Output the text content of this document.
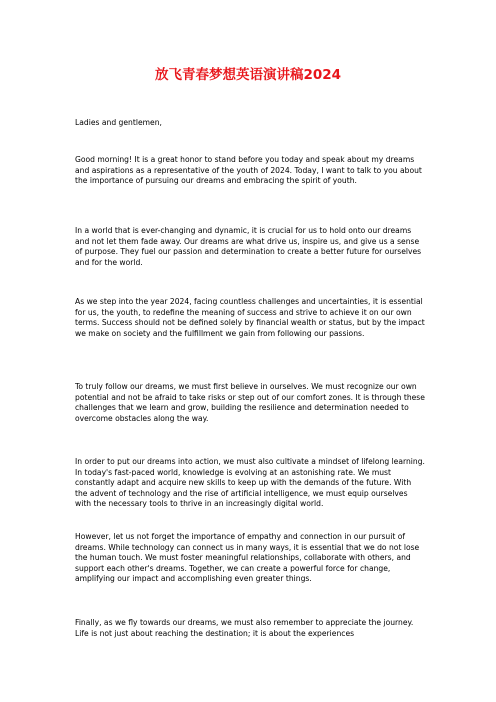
放飞青春梦想英语演讲稿2024

Ladies and gentlemen,

Good morning! It is a great honor to stand before you today and speak about my dreams and aspirations as a representative of the youth of 2024. Today, I want to talk to you about the importance of pursuing our dreams and embracing the spirit of youth.

In a world that is ever-changing and dynamic, it is crucial for us to hold onto our dreams and not let them fade away. Our dreams are what drive us, inspire us, and give us a sense of purpose. They fuel our passion and determination to create a better future for ourselves and for the world.

As we step into the year 2024, facing countless challenges and uncertainties, it is essential for us, the youth, to redefine the meaning of success and strive to achieve it on our own terms. Success should not be defined solely by financial wealth or status, but by the impact we make on society and the fulfillment we gain from following our passions.

To truly follow our dreams, we must first believe in ourselves. We must recognize our own potential and not be afraid to take risks or step out of our comfort zones. It is through these challenges that we learn and grow, building the resilience and determination needed to overcome obstacles along the way.

In order to put our dreams into action, we must also cultivate a mindset of lifelong learning. In today's fast-paced world, knowledge is evolving at an astonishing rate. We must constantly adapt and acquire new skills to keep up with the demands of the future. With the advent of technology and the rise of artificial intelligence, we must equip ourselves with the necessary tools to thrive in an increasingly digital world.

However, let us not forget the importance of empathy and connection in our pursuit of dreams. While technology can connect us in many ways, it is essential that we do not lose the human touch. We must foster meaningful relationships, collaborate with others, and support each other's dreams. Together, we can create a powerful force for change, amplifying our impact and accomplishing even greater things.

Finally, as we fly towards our dreams, we must also remember to appreciate the journey. Life is not just about reaching the destination; it is about the experiences
